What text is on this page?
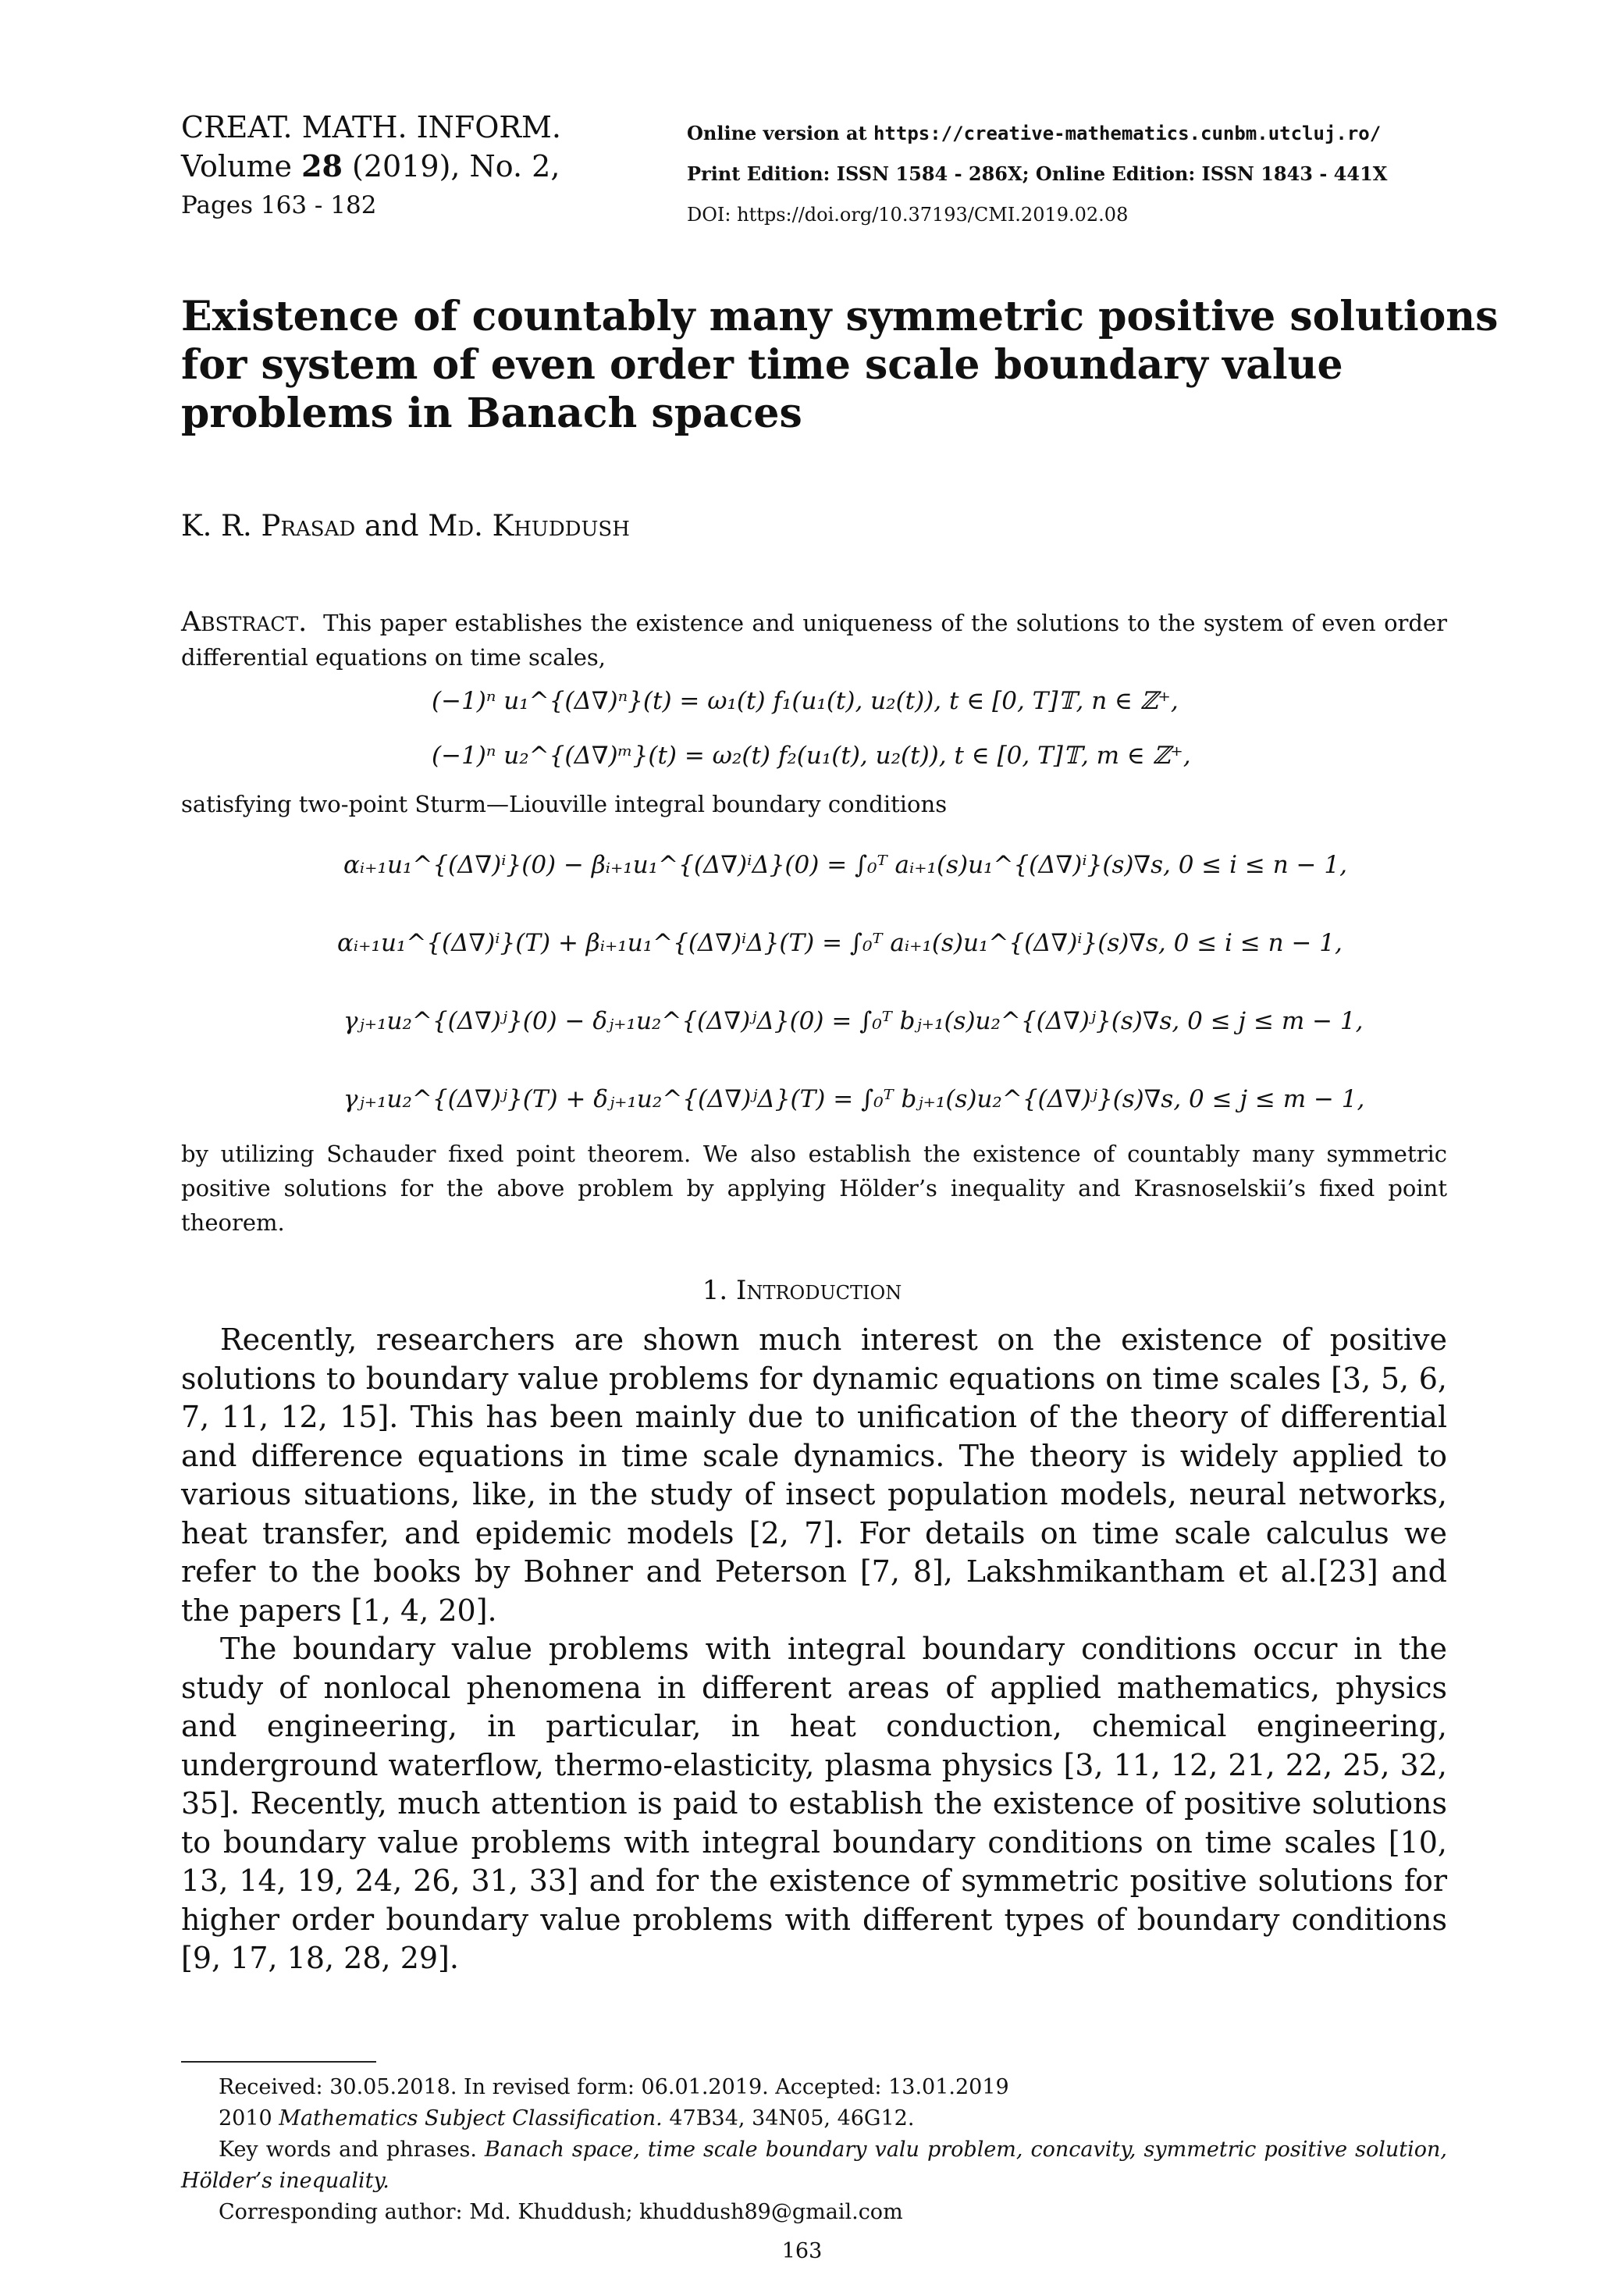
CREAT. MATH. INFORM.
Volume 28 (2019), No. 2,
Pages 163 - 182
Online version at https://creative-mathematics.cunbm.utcluj.ro/
Print Edition: ISSN 1584 - 286X; Online Edition: ISSN 1843 - 441X
DOI: https://doi.org/10.37193/CMI.2019.02.08
Existence of countably many symmetric positive solutions
for system of even order time scale boundary value
problems in Banach spaces
K. R. Prasad and Md. Khuddush
Abstract. This paper establishes the existence and uniqueness of the solutions to the system of even order differential equations on time scales,
(−1)ⁿ u₁^{(Δ∇)ⁿ}(t) = ω₁(t) f₁(u₁(t), u₂(t)), t ∈ [0, T]𝕋, n ∈ ℤ⁺,
(−1)ⁿ u₂^{(Δ∇)ᵐ}(t) = ω₂(t) f₂(u₁(t), u₂(t)), t ∈ [0, T]𝕋, m ∈ ℤ⁺,
satisfying two-point Sturm—Liouville integral boundary conditions
αᵢ₊₁u₁^{(Δ∇)ⁱ}(0) − βᵢ₊₁u₁^{(Δ∇)ⁱΔ}(0) = ∫₀ᵀ aᵢ₊₁(s)u₁^{(Δ∇)ⁱ}(s)∇s, 0 ≤ i ≤ n − 1,
αᵢ₊₁u₁^{(Δ∇)ⁱ}(T) + βᵢ₊₁u₁^{(Δ∇)ⁱΔ}(T) = ∫₀ᵀ aᵢ₊₁(s)u₁^{(Δ∇)ⁱ}(s)∇s, 0 ≤ i ≤ n − 1,
γⱼ₊₁u₂^{(Δ∇)ʲ}(0) − δⱼ₊₁u₂^{(Δ∇)ʲΔ}(0) = ∫₀ᵀ bⱼ₊₁(s)u₂^{(Δ∇)ʲ}(s)∇s, 0 ≤ j ≤ m − 1,
γⱼ₊₁u₂^{(Δ∇)ʲ}(T) + δⱼ₊₁u₂^{(Δ∇)ʲΔ}(T) = ∫₀ᵀ bⱼ₊₁(s)u₂^{(Δ∇)ʲ}(s)∇s, 0 ≤ j ≤ m − 1,
by utilizing Schauder fixed point theorem. We also establish the existence of countably many symmetric positive solutions for the above problem by applying Hölder’s inequality and Krasnoselskii’s fixed point theorem.
1. Introduction

Recently, researchers are shown much interest on the existence of positive solutions to boundary value problems for dynamic equations on time scales [3, 5, 6, 7, 11, 12, 15]. This has been mainly due to unification of the theory of differential and difference equations in time scale dynamics. The theory is widely applied to various situations, like, in the study of insect population models, neural networks, heat transfer, and epidemic models [2, 7]. For details on time scale calculus we refer to the books by Bohner and Peterson [7, 8], Lakshmikantham et al.[23] and the papers [1, 4, 20].

The boundary value problems with integral boundary conditions occur in the study of nonlocal phenomena in different areas of applied mathematics, physics and engineering, in particular, in heat conduction, chemical engineering, underground waterflow, thermo-elasticity, plasma physics [3, 11, 12, 21, 22, 25, 32, 35]. Recently, much attention is paid to establish the existence of positive solutions to boundary value problems with integral boundary conditions on time scales [10, 13, 14, 19, 24, 26, 31, 33] and for the existence of symmetric positive solutions for higher order boundary value problems with different types of boundary conditions [9, 17, 18, 28, 29].

Received: 30.05.2018. In revised form: 06.01.2019. Accepted: 13.01.2019

2010 Mathematics Subject Classification. 47B34, 34N05, 46G12.

Key words and phrases. Banach space, time scale boundary valu problem, concavity, symmetric positive solution, Hölder’s inequality.

Corresponding author: Md. Khuddush; khuddush89@gmail.com

163
